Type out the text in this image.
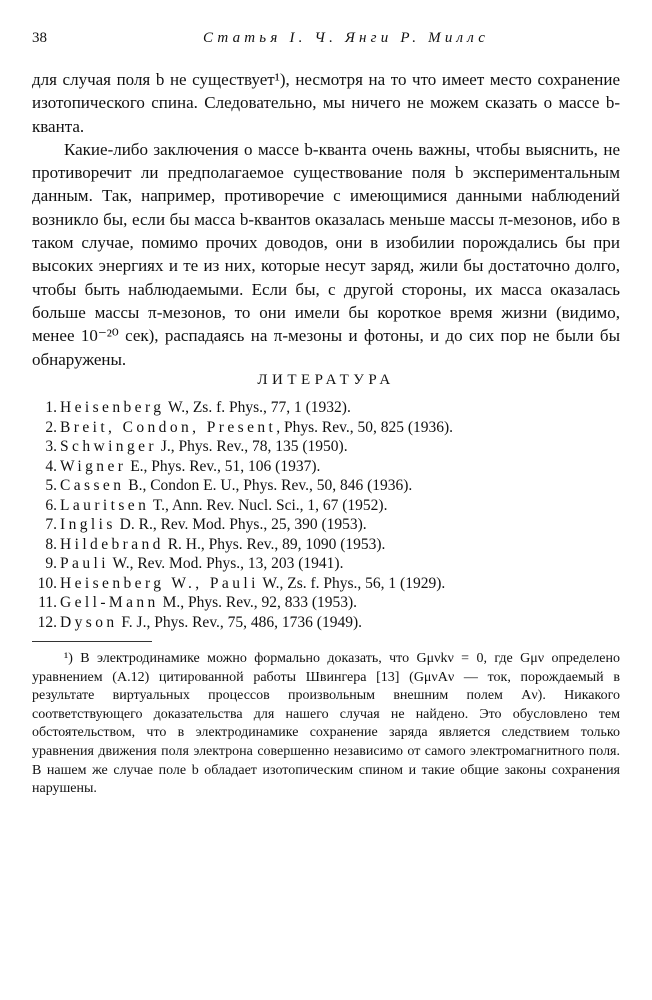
38	Статья І. Ч. Янги Р. Миллс

для случая поля b не существует¹), несмотря на то что имеет место сохранение изотопического спина. Следовательно, мы ничего не можем сказать о массе b-кванта.

Какие-либо заключения о массе b-кванта очень важны, чтобы выяснить, не противоречит ли предполагаемое существование поля b экспериментальным данным. Так, например, противоречие с имеющимися данными наблюдений возникло бы, если бы масса b-квантов оказалась меньше массы π-мезонов, ибо в таком случае, помимо прочих доводов, они в изобилии порождались бы при высоких энергиях и те из них, которые несут заряд, жили бы достаточно долго, чтобы быть наблюдаемыми. Если бы, с другой стороны, их масса оказалась больше массы π-мезонов, то они имели бы короткое время жизни (видимо, менее 10⁻²⁰ сек), распадаясь на π-мезоны и фотоны, и до сих пор не были бы обнаружены.

ЛИТЕРАТУРА
1. Heisenberg W., Zs. f. Phys., 77, 1 (1932).
2. Breit, Condon, Present, Phys. Rev., 50, 825 (1936).
3. Schwinger J., Phys. Rev., 78, 135 (1950).
4. Wigner E., Phys. Rev., 51, 106 (1937).
5. Cassen B., Condon E. U., Phys. Rev., 50, 846 (1936).
6. Lauritsen T., Ann. Rev. Nucl. Sci., 1, 67 (1952).
7. Inglis D. R., Rev. Mod. Phys., 25, 390 (1953).
8. Hildebrand R. H., Phys. Rev., 89, 1090 (1953).
9. Pauli W., Rev. Mod. Phys., 13, 203 (1941).
10. Heisenberg W., Pauli W., Zs. f. Phys., 56, 1 (1929).
11. Gell-Mann M., Phys. Rev., 92, 833 (1953).
12. Dyson F. J., Phys. Rev., 75, 486, 1736 (1949).

¹) В электродинамике можно формально доказать, что Gμνkν = 0, где Gμν определено уравнением (А.12) цитированной работы Швингера [13] (GμνAν — ток, порождаемый в результате виртуальных процессов произвольным внешним полем Aν). Никакого соответствующего доказательства для нашего случая не найдено. Это обусловлено тем обстоятельством, что в электродинамике сохранение заряда является следствием только уравнения движения поля электрона совершенно независимо от самого электромагнитного поля. В нашем же случае поле b обладает изотопическим спином и такие общие законы сохранения нарушены.
